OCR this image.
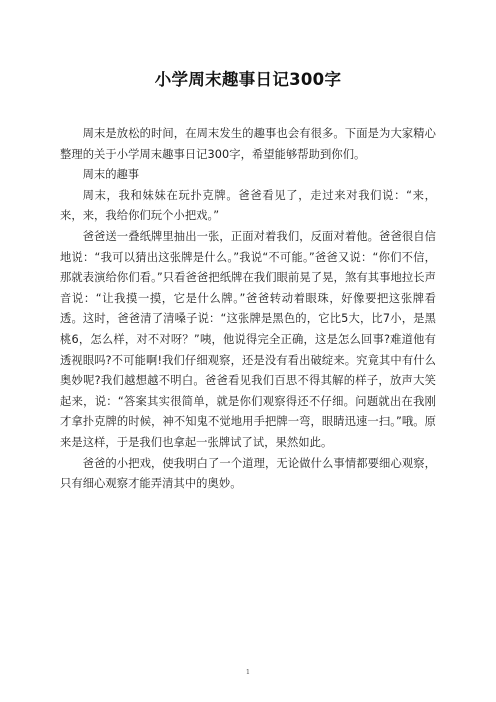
小学周末趣事日记300字

周末是放松的时间，在周末发生的趣事也会有很多。下面是为大家精心整理的关于小学周末趣事日记300字，希望能够帮助到你们。

周末的趣事

周末，我和妹妹在玩扑克牌。爸爸看见了，走过来对我们说：“来，来，来，我给你们玩个小把戏。”

爸爸送一叠纸牌里抽出一张，正面对着我们，反面对着他。爸爸很自信地说：“我可以猜出这张牌是什么。”我说“不可能。”爸爸又说：“你们不信，那就表演给你们看。”只看爸爸把纸牌在我们眼前晃了晃，煞有其事地拉长声音说：“让我摸一摸，它是什么牌。”爸爸转动着眼珠，好像要把这张牌看透。这时，爸爸清了清嗓子说：“这张牌是黑色的，它比5大，比7小，是黑桃6，怎么样，对不对呀？”咦，他说得完全正确，这是怎么回事?难道他有透视眼吗?不可能啊!我们仔细观察，还是没有看出破绽来。究竟其中有什么奥妙呢?我们越想越不明白。爸爸看见我们百思不得其解的样子，放声大笑起来，说：“答案其实很简单，就是你们观察得还不仔细。问题就出在我刚才拿扑克牌的时候，神不知鬼不觉地用手把牌一弯，眼睛迅速一扫。”哦。原来是这样，于是我们也拿起一张牌试了试，果然如此。

爸爸的小把戏，使我明白了一个道理，无论做什么事情都要细心观察，只有细心观察才能弄清其中的奥妙。

1
